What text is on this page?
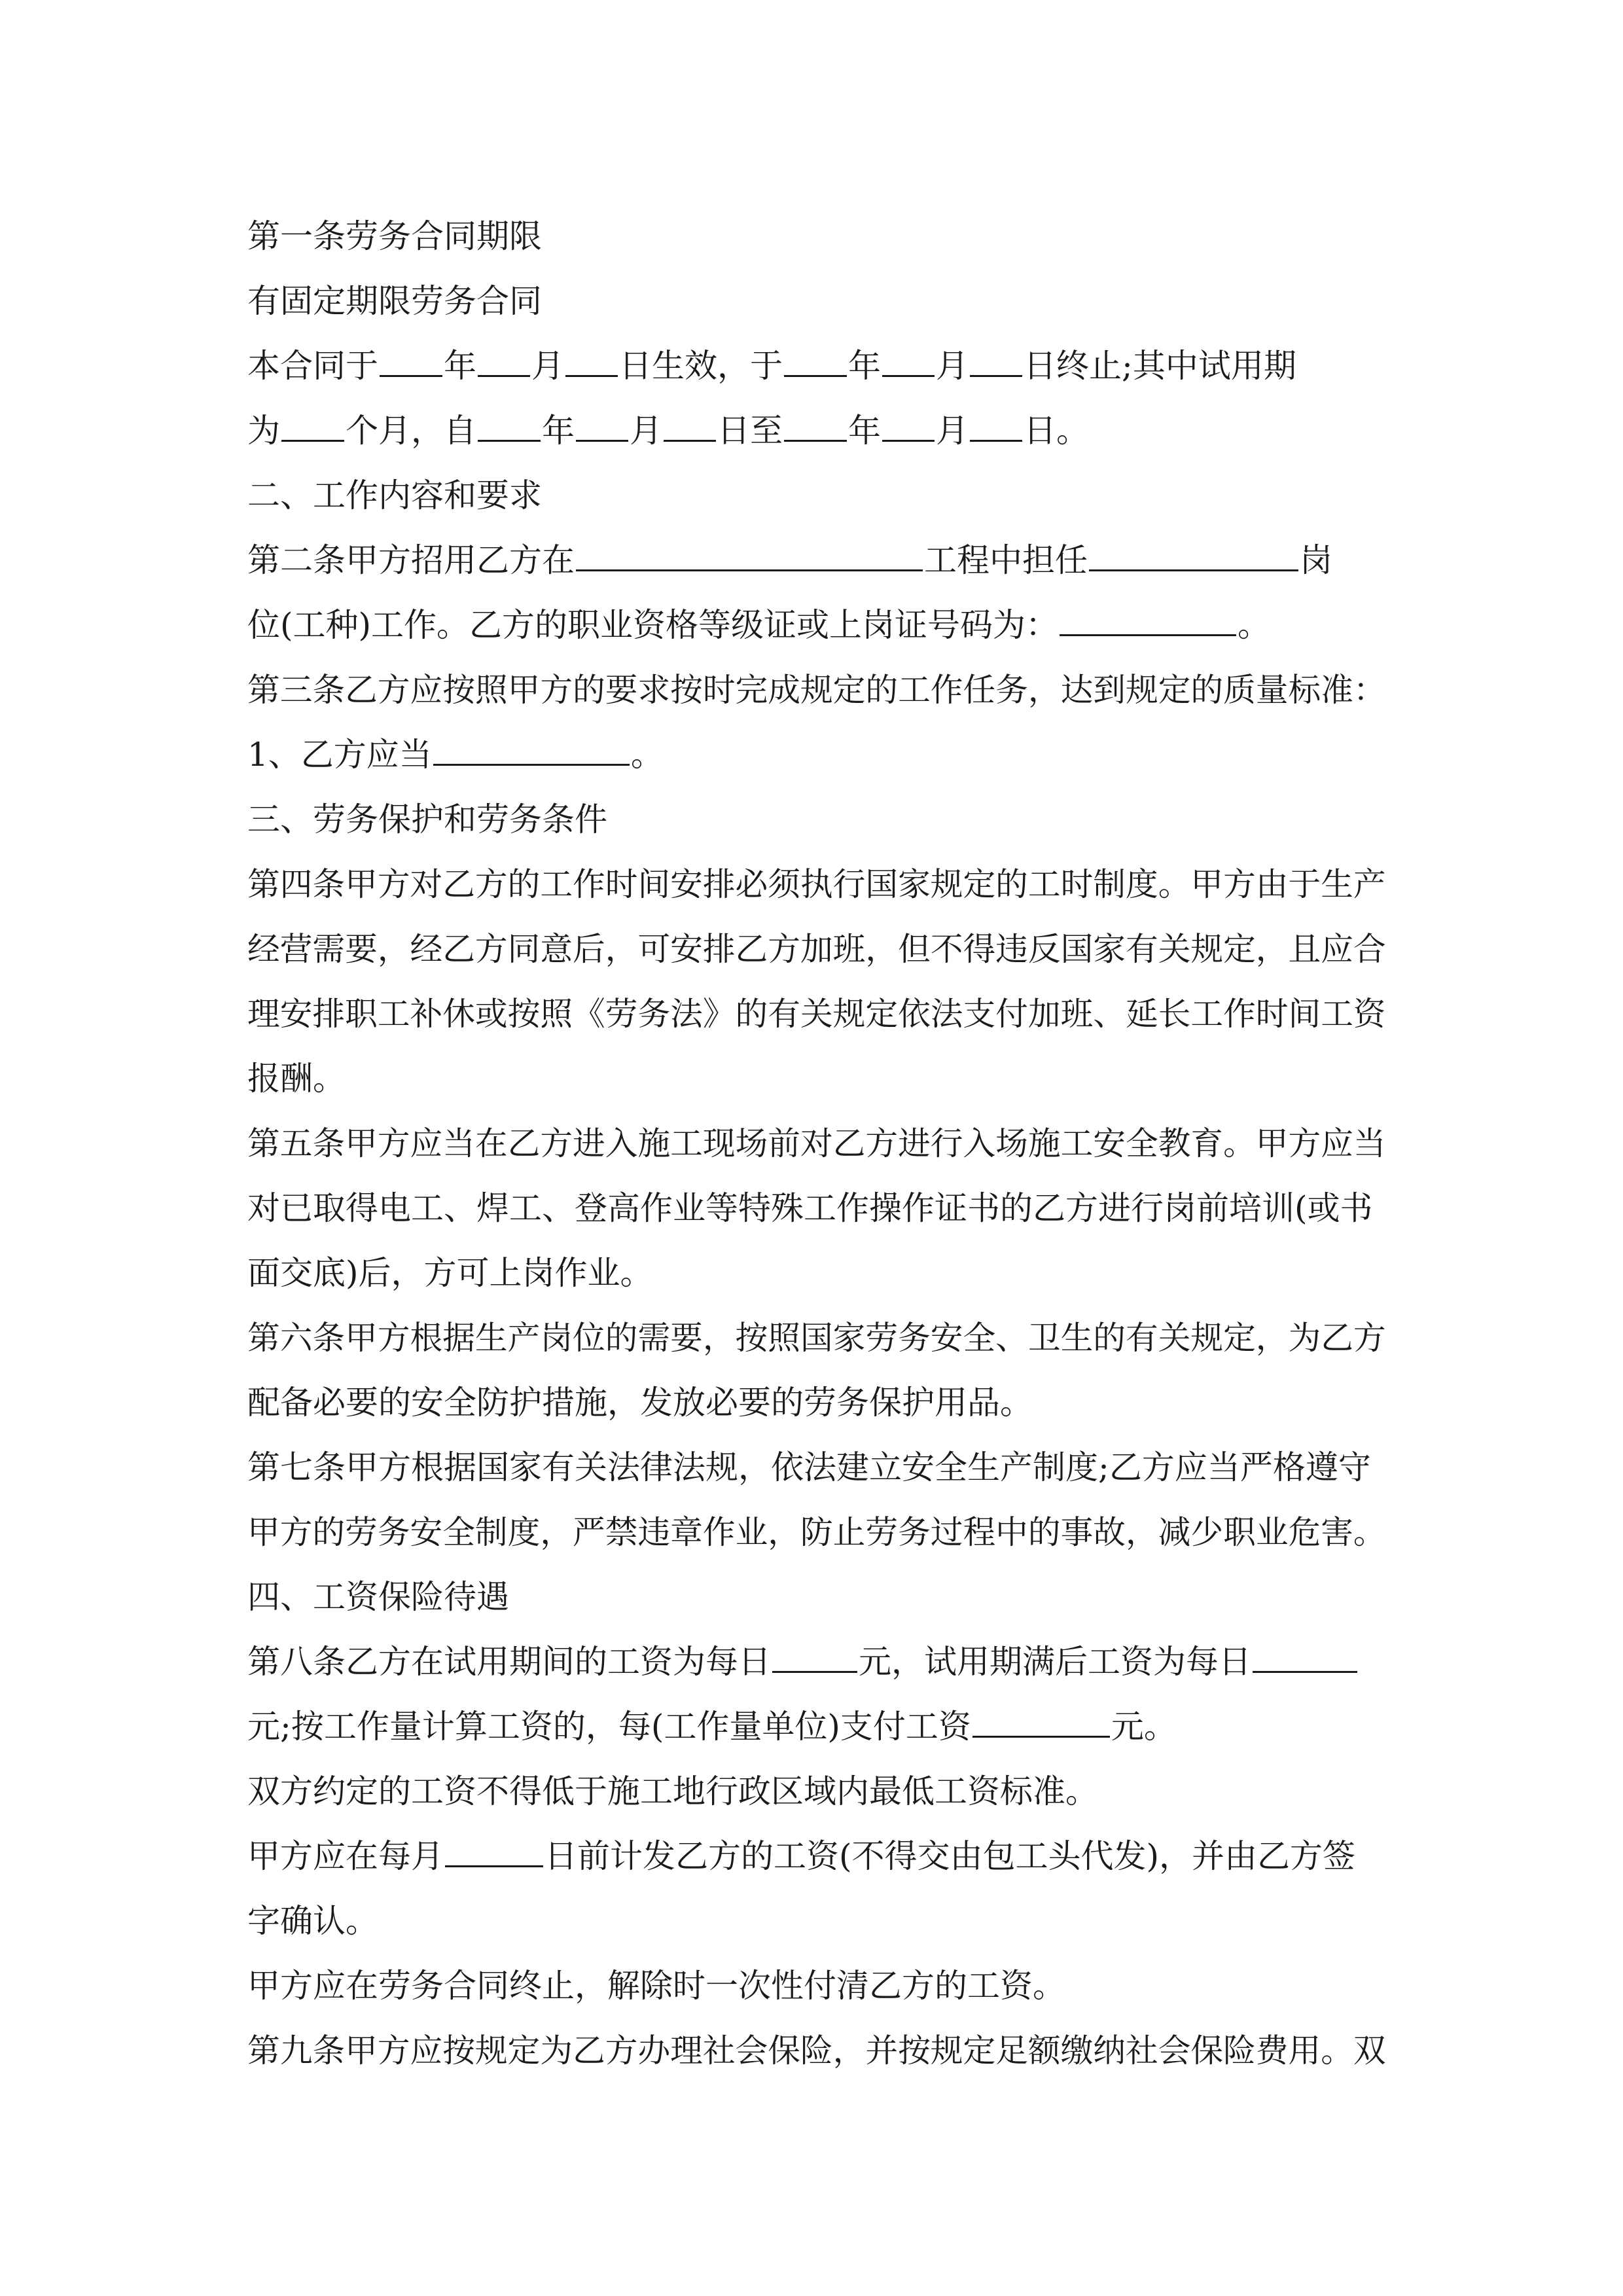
第一条劳务合同期限
有固定期限劳务合同
本合同于 年 月 日生效，于 年 月 日终止;其中试用期
为 个月，自 年 月 日至 年 月 日。
二、工作内容和要求
第二条甲方招用乙方在	工程中担任	岗
位(工种)工作。乙方的职业资格等级证或上岗证号码为：	。
第三条乙方应按照甲方的要求按时完成规定的工作任务，达到规定的质量标准：
1、乙方应当	。
三、劳务保护和劳务条件
第四条甲方对乙方的工作时间安排必须执行国家规定的工时制度。甲方由于生产
经营需要，经乙方同意后，可安排乙方加班，但不得违反国家有关规定，且应合
理安排职工补休或按照《劳务法》的有关规定依法支付加班、延长工作时间工资
报酬。
第五条甲方应当在乙方进入施工现场前对乙方进行入场施工安全教育。甲方应当
对已取得电工、焊工、登高作业等特殊工作操作证书的乙方进行岗前培训(或书
面交底)后，方可上岗作业。
第六条甲方根据生产岗位的需要，按照国家劳务安全、卫生的有关规定，为乙方
配备必要的安全防护措施，发放必要的劳务保护用品。
第七条甲方根据国家有关法律法规，依法建立安全生产制度;乙方应当严格遵守
甲方的劳务安全制度，严禁违章作业，防止劳务过程中的事故，减少职业危害。
四、工资保险待遇
第八条乙方在试用期间的工资为每日	元，试用期满后工资为每日
元;按工作量计算工资的，每(工作量单位)支付工资	元。
双方约定的工资不得低于施工地行政区域内最低工资标准。
甲方应在每月	日前计发乙方的工资(不得交由包工头代发)，并由乙方签
字确认。
甲方应在劳务合同终止，解除时一次性付清乙方的工资。
第九条甲方应按规定为乙方办理社会保险，并按规定足额缴纳社会保险费用。双
